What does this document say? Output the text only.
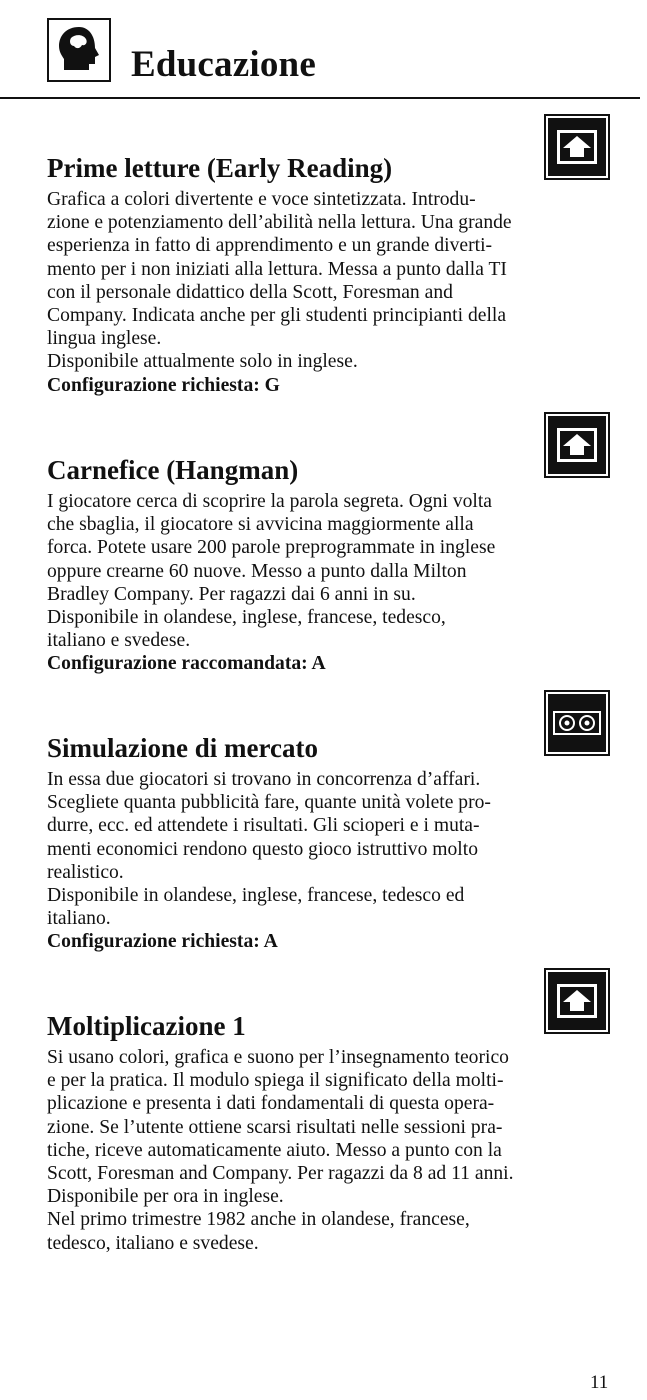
Educazione
Prime letture (Early Reading)

Grafica a colori divertente e voce sintetizzata. Introdu-
zione e potenziamento dell’abilità nella lettura. Una grande
esperienza in fatto di apprendimento e un grande diverti-
mento per i non iniziati alla lettura. Messa a punto dalla TI
con il personale didattico della Scott, Foresman and
Company. Indicata anche per gli studenti principianti della
lingua inglese.
Disponibile attualmente solo in inglese.

Configurazione richiesta: G

Carnefice (Hangman)

I giocatore cerca di scoprire la parola segreta. Ogni volta
che sbaglia, il giocatore si avvicina maggiormente alla
forca. Potete usare 200 parole preprogrammate in inglese
oppure crearne 60 nuove. Messo a punto dalla Milton
Bradley Company. Per ragazzi dai 6 anni in su.
Disponibile in olandese, inglese, francese, tedesco,
italiano e svedese.

Configurazione raccomandata: A

Simulazione di mercato

In essa due giocatori si trovano in concorrenza d’affari.
Scegliete quanta pubblicità fare, quante unità volete pro-
durre, ecc. ed attendete i risultati. Gli scioperi e i muta-
menti economici rendono questo gioco istruttivo molto
realistico.
Disponibile in olandese, inglese, francese, tedesco ed
italiano.

Configurazione richiesta: A

Moltiplicazione 1

Si usano colori, grafica e suono per l’insegnamento teorico
e per la pratica. Il modulo spiega il significato della molti-
plicazione e presenta i dati fondamentali di questa opera-
zione. Se l’utente ottiene scarsi risultati nelle sessioni pra-
tiche, riceve automaticamente aiuto. Messo a punto con la
Scott, Foresman and Company. Per ragazzi da 8 ad 11 anni.
Disponibile per ora in inglese.
Nel primo trimestre 1982 anche in olandese, francese,
tedesco, italiano e svedese.

11
